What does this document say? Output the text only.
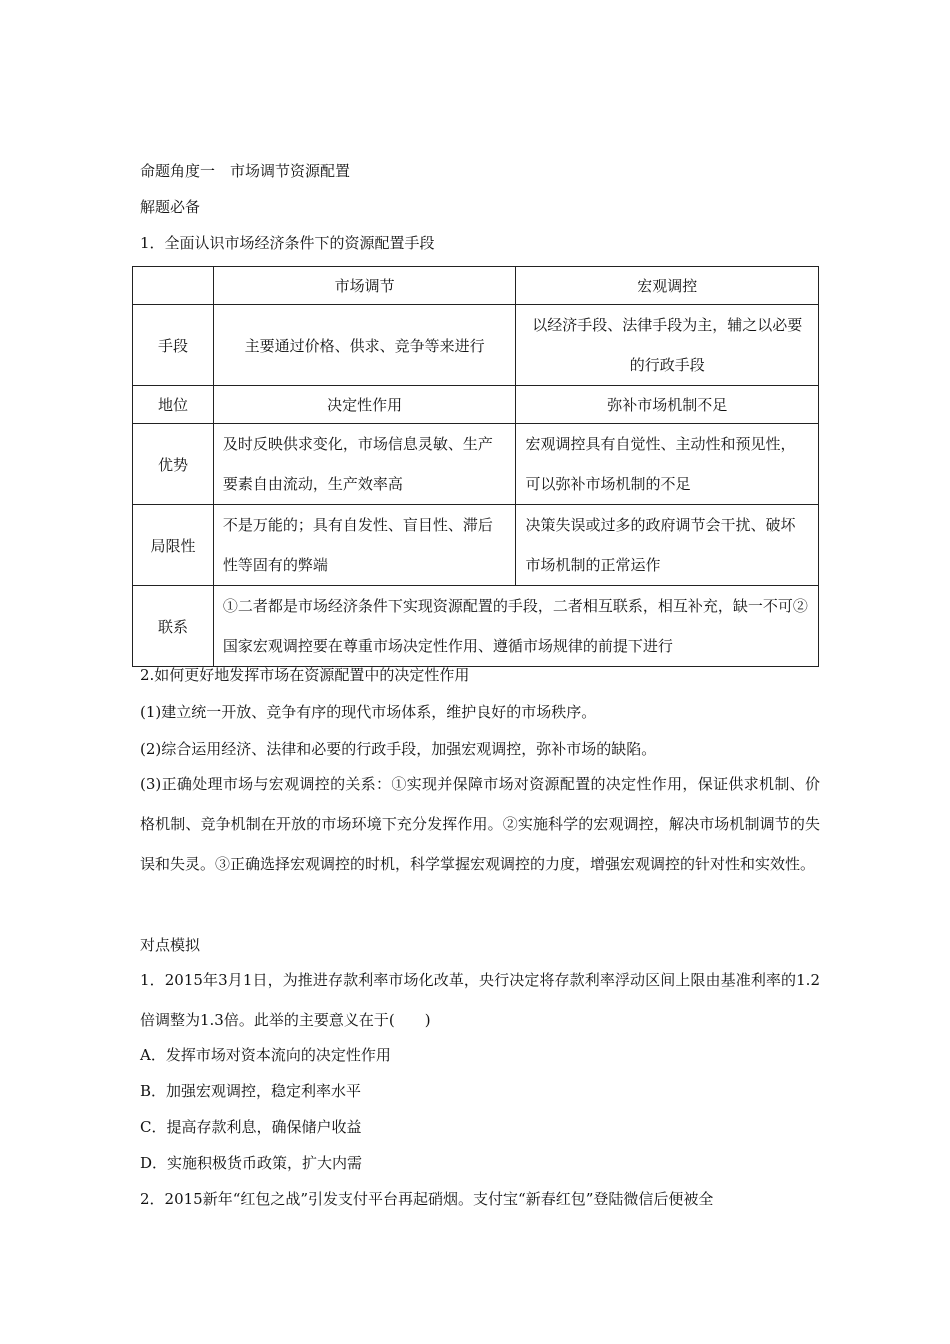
命题角度一　市场调节资源配置
解题必备
1．全面认识市场经济条件下的资源配置手段
	市场调节	宏观调控
手段	主要通过价格、供求、竞争等来进行	以经济手段、法律手段为主，辅之以必要的行政手段
地位	决定性作用	弥补市场机制不足
优势	及时反映供求变化，市场信息灵敏、生产要素自由流动，生产效率高	宏观调控具有自觉性、主动性和预见性，可以弥补市场机制的不足
局限性	不是万能的；具有自发性、盲目性、滞后性等固有的弊端	决策失误或过多的政府调节会干扰、破坏市场机制的正常运作
联系	①二者都是市场经济条件下实现资源配置的手段，二者相互联系，相互补充，缺一不可②国家宏观调控要在尊重市场决定性作用、遵循市场规律的前提下进行	
2.如何更好地发挥市场在资源配置中的决定性作用
(1)建立统一开放、竞争有序的现代市场体系，维护良好的市场秩序。
(2)综合运用经济、法律和必要的行政手段，加强宏观调控，弥补市场的缺陷。
(3)正确处理市场与宏观调控的关系：①实现并保障市场对资源配置的决定性作用，保证供求机制、价格机制、竞争机制在开放的市场环境下充分发挥作用。②实施科学的宏观调控，解决市场机制调节的失误和失灵。③正确选择宏观调控的时机，科学掌握宏观调控的力度，增强宏观调控的针对性和实效性。
对点模拟
1．2015年3月1日，为推进存款利率市场化改革，央行决定将存款利率浮动区间上限由基准利率的1.2倍调整为1.3倍。此举的主要意义在于(　　)
A．发挥市场对资本流向的决定性作用
B．加强宏观调控，稳定利率水平
C．提高存款利息，确保储户收益
D．实施积极货币政策，扩大内需
2．2015新年“红包之战”引发支付平台再起硝烟。支付宝“新春红包”登陆微信后便被全
